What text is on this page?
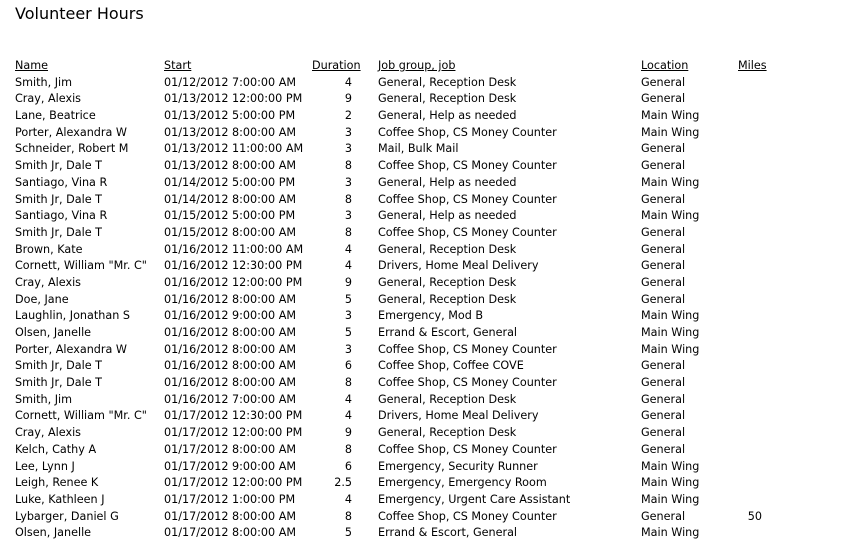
Volunteer Hours
Name	Start	Duration Job group, job	Location	Miles
Smith, Jim	01/12/2012 7:00:00 AM	4 General, Reception Desk	General
Cray, Alexis	01/13/2012 12:00:00 PM	9 General, Reception Desk	General
Lane, Beatrice	01/13/2012 5:00:00 PM	2 General, Help as needed	Main Wing
Porter, Alexandra W	01/13/2012 8:00:00 AM	3 Coffee Shop, CS Money Counter	Main Wing
Schneider, Robert M	01/13/2012 11:00:00 AM	3 Mail, Bulk Mail	General
Smith Jr, Dale T	01/13/2012 8:00:00 AM	8 Coffee Shop, CS Money Counter	General
Santiago, Vina R	01/14/2012 5:00:00 PM	3 General, Help as needed	Main Wing
Smith Jr, Dale T	01/14/2012 8:00:00 AM	8 Coffee Shop, CS Money Counter	General
Santiago, Vina R	01/15/2012 5:00:00 PM	3 General, Help as needed	Main Wing
Smith Jr, Dale T	01/15/2012 8:00:00 AM	8 Coffee Shop, CS Money Counter	General
Brown, Kate	01/16/2012 11:00:00 AM	4 General, Reception Desk	General
Cornett, William "Mr. C" 01/16/2012 12:30:00 PM	4 Drivers, Home Meal Delivery	General
Cray, Alexis	01/16/2012 12:00:00 PM	9 General, Reception Desk	General
Doe, Jane	01/16/2012 8:00:00 AM	5 General, Reception Desk	General
Laughlin, Jonathan S	01/16/2012 9:00:00 AM	3 Emergency, Mod B	Main Wing
Olsen, Janelle	01/16/2012 8:00:00 AM	5 Errand & Escort, General	Main Wing
Porter, Alexandra W	01/16/2012 8:00:00 AM	3 Coffee Shop, CS Money Counter	Main Wing
Smith Jr, Dale T	01/16/2012 8:00:00 AM	6 Coffee Shop, Coffee COVE	General
Smith Jr, Dale T	01/16/2012 8:00:00 AM	8 Coffee Shop, CS Money Counter	General
Smith, Jim	01/16/2012 7:00:00 AM	4 General, Reception Desk	General
Cornett, William "Mr. C" 01/17/2012 12:30:00 PM	4 Drivers, Home Meal Delivery	General
Cray, Alexis	01/17/2012 12:00:00 PM	9 General, Reception Desk	General
Kelch, Cathy A	01/17/2012 8:00:00 AM	8 Coffee Shop, CS Money Counter	General
Lee, Lynn J	01/17/2012 9:00:00 AM	6 Emergency, Security Runner	Main Wing
Leigh, Renee K	01/17/2012 12:00:00 PM	2.5 Emergency, Emergency Room	Main Wing
Luke, Kathleen J	01/17/2012 1:00:00 PM	4 Emergency, Urgent Care Assistant	Main Wing
Lybarger, Daniel G	01/17/2012 8:00:00 AM	8 Coffee Shop, CS Money Counter	General	50
Olsen, Janelle	01/17/2012 8:00:00 AM	5 Errand & Escort, General	Main Wing
